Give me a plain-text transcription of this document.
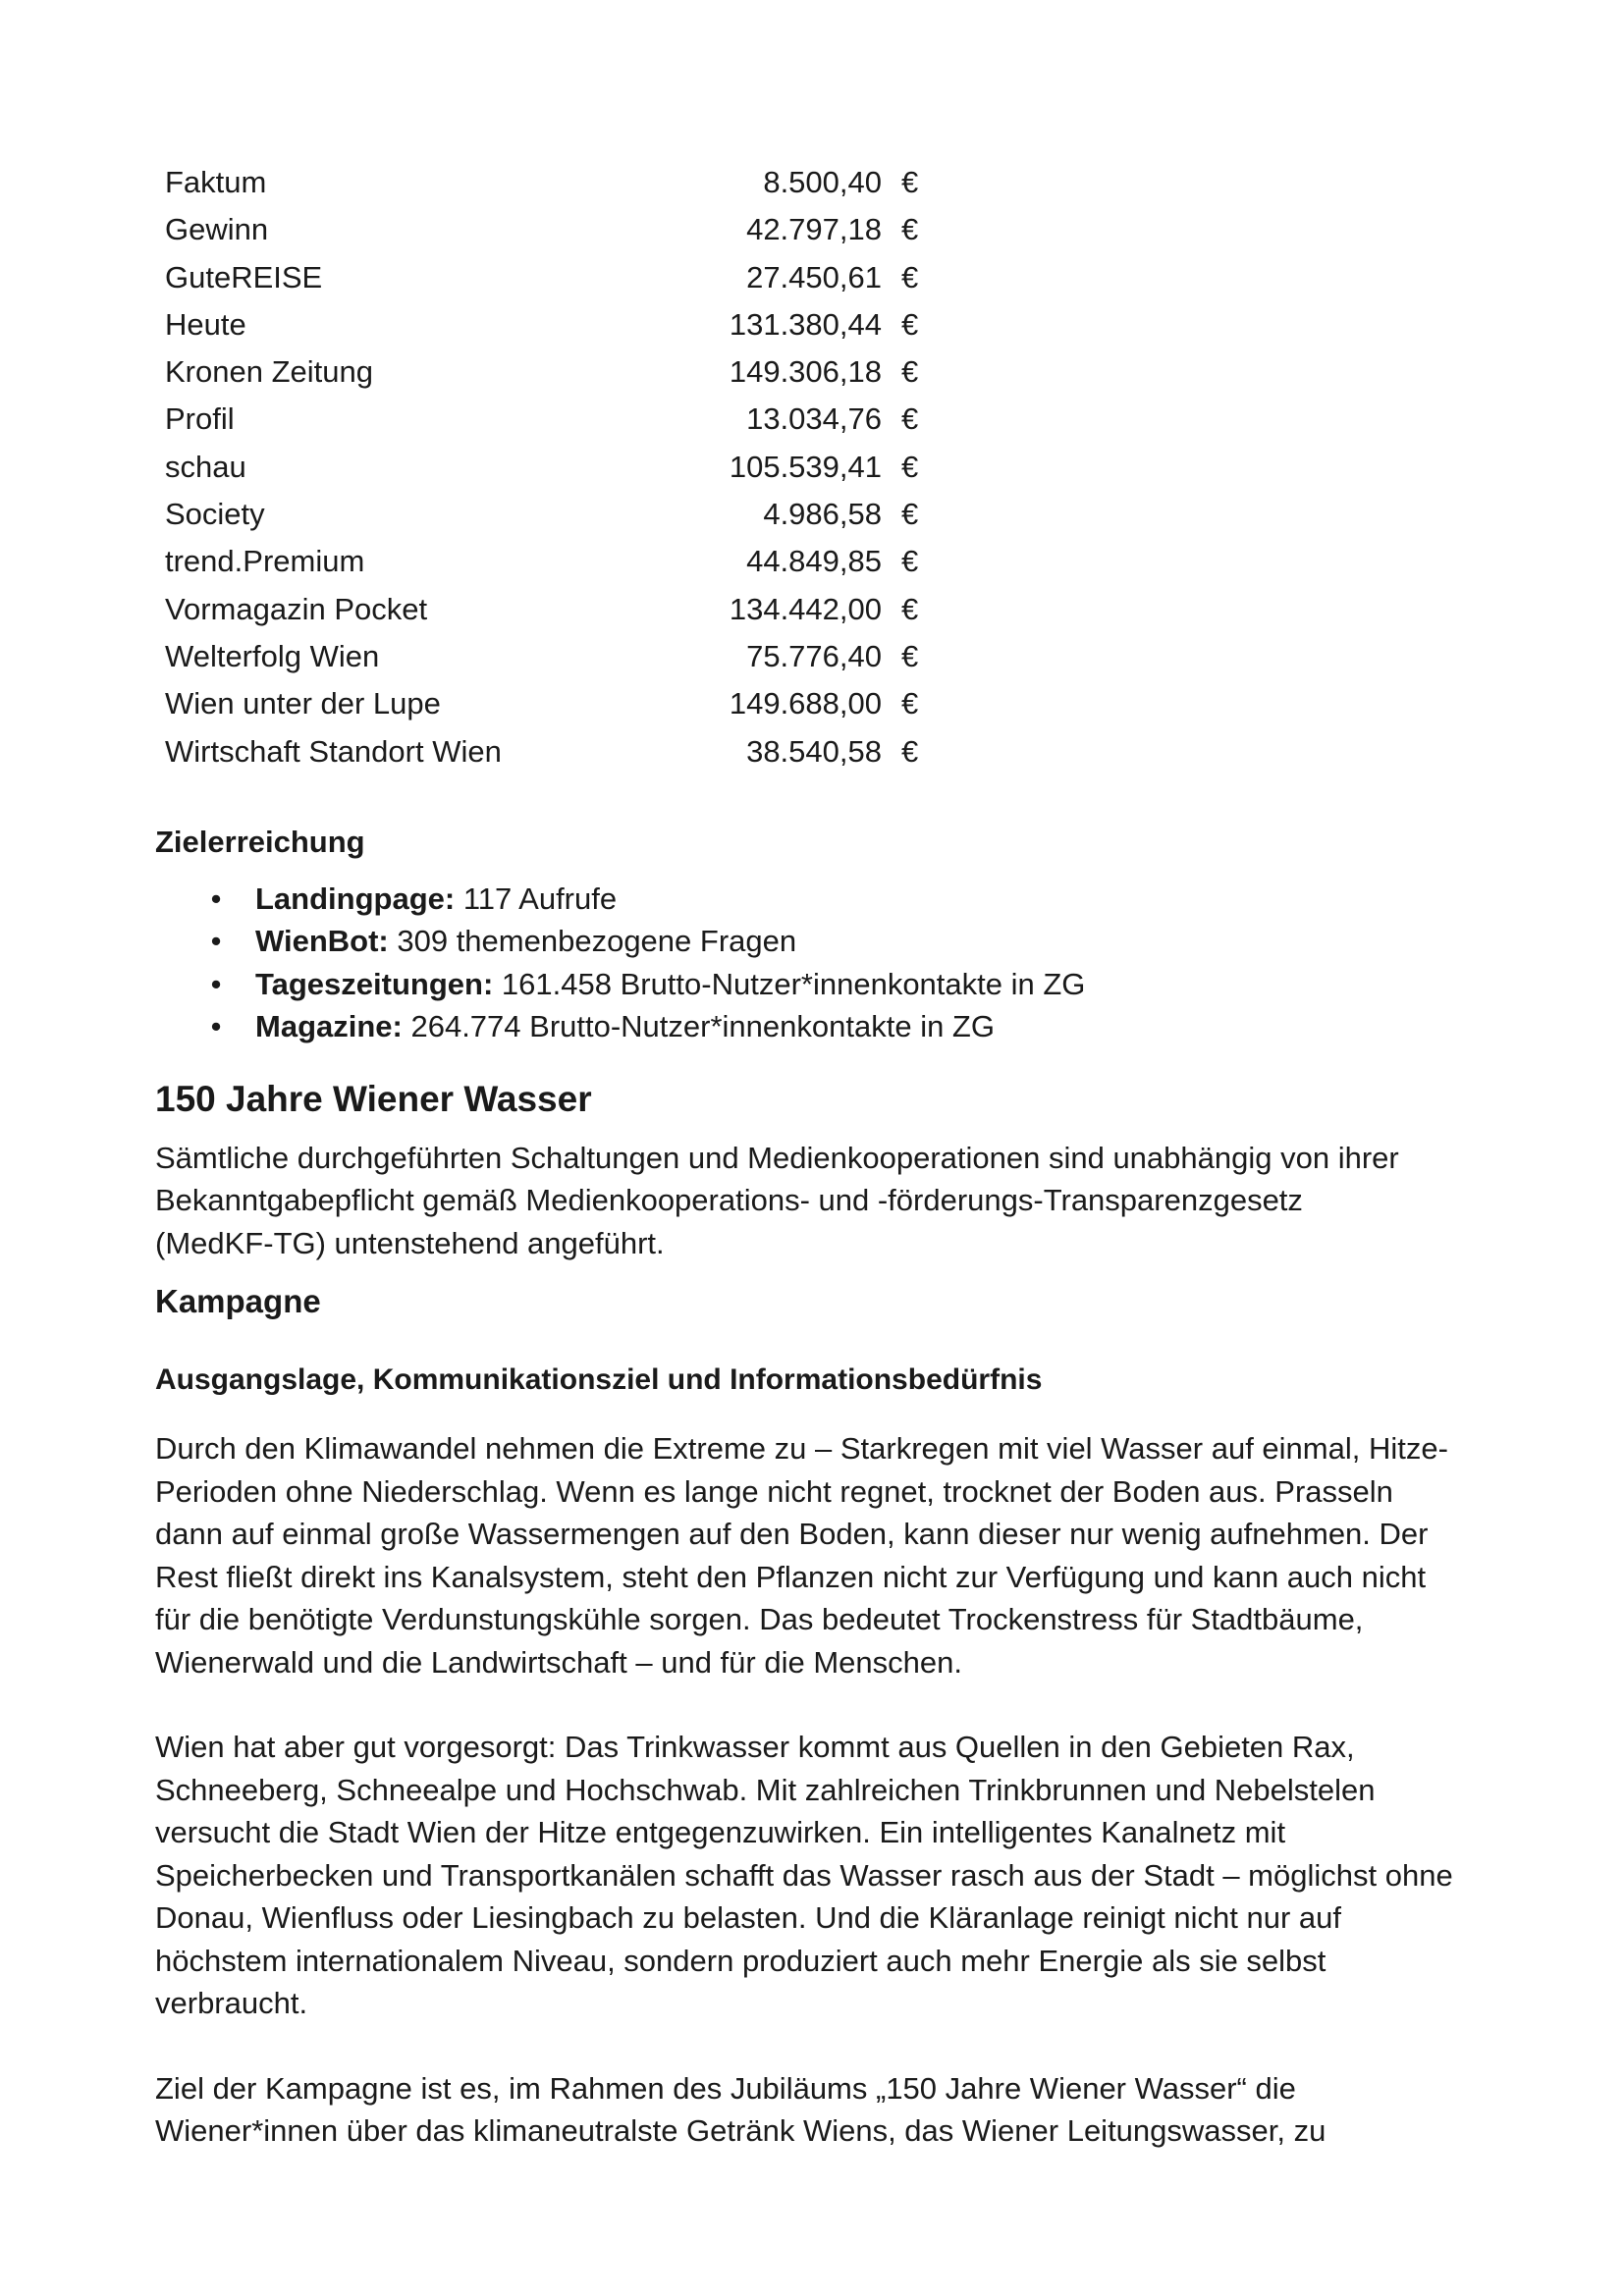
Faktum	8.500,40	€
Gewinn	42.797,18	€
GuteREISE	27.450,61	€
Heute	131.380,44	€
Kronen Zeitung	149.306,18	€
Profil	13.034,76	€
schau	105.539,41	€
Society	4.986,58	€
trend.Premium	44.849,85	€
Vormagazin Pocket	134.442,00	€
Welterfolg Wien	75.776,40	€
Wien unter der Lupe	149.688,00	€
Wirtschaft Standort Wien	38.540,58	€
Zielerreichung
• Landingpage: 117 Aufrufe
• WienBot: 309 themenbezogene Fragen
• Tageszeitungen: 161.458 Brutto-Nutzer*innenkontakte in ZG
• Magazine: 264.774 Brutto-Nutzer*innenkontakte in ZG
150 Jahre Wiener Wasser
Sämtliche durchgeführten Schaltungen und Medienkooperationen sind unabhängig von ihrer
Bekanntgabepflicht gemäß Medienkooperations- und -förderungs-Transparenzgesetz
(MedKF-TG) untenstehend angeführt.
Kampagne
Ausgangslage, Kommunikationsziel und Informationsbedürfnis
Durch den Klimawandel nehmen die Extreme zu – Starkregen mit viel Wasser auf einmal, Hitze-
Perioden ohne Niederschlag. Wenn es lange nicht regnet, trocknet der Boden aus. Prasseln
dann auf einmal große Wassermengen auf den Boden, kann dieser nur wenig aufnehmen. Der
Rest fließt direkt ins Kanalsystem, steht den Pflanzen nicht zur Verfügung und kann auch nicht
für die benötigte Verdunstungskühle sorgen. Das bedeutet Trockenstress für Stadtbäume,
Wienerwald und die Landwirtschaft – und für die Menschen.
Wien hat aber gut vorgesorgt: Das Trinkwasser kommt aus Quellen in den Gebieten Rax,
Schneeberg, Schneealpe und Hochschwab. Mit zahlreichen Trinkbrunnen und Nebelstelen
versucht die Stadt Wien der Hitze entgegenzuwirken. Ein intelligentes Kanalnetz mit
Speicherbecken und Transportkanälen schafft das Wasser rasch aus der Stadt – möglichst ohne
Donau, Wienfluss oder Liesingbach zu belasten. Und die Kläranlage reinigt nicht nur auf
höchstem internationalem Niveau, sondern produziert auch mehr Energie als sie selbst
verbraucht.
Ziel der Kampagne ist es, im Rahmen des Jubiläums „150 Jahre Wiener Wasser“ die
Wiener*innen über das klimaneutralste Getränk Wiens, das Wiener Leitungswasser, zu
